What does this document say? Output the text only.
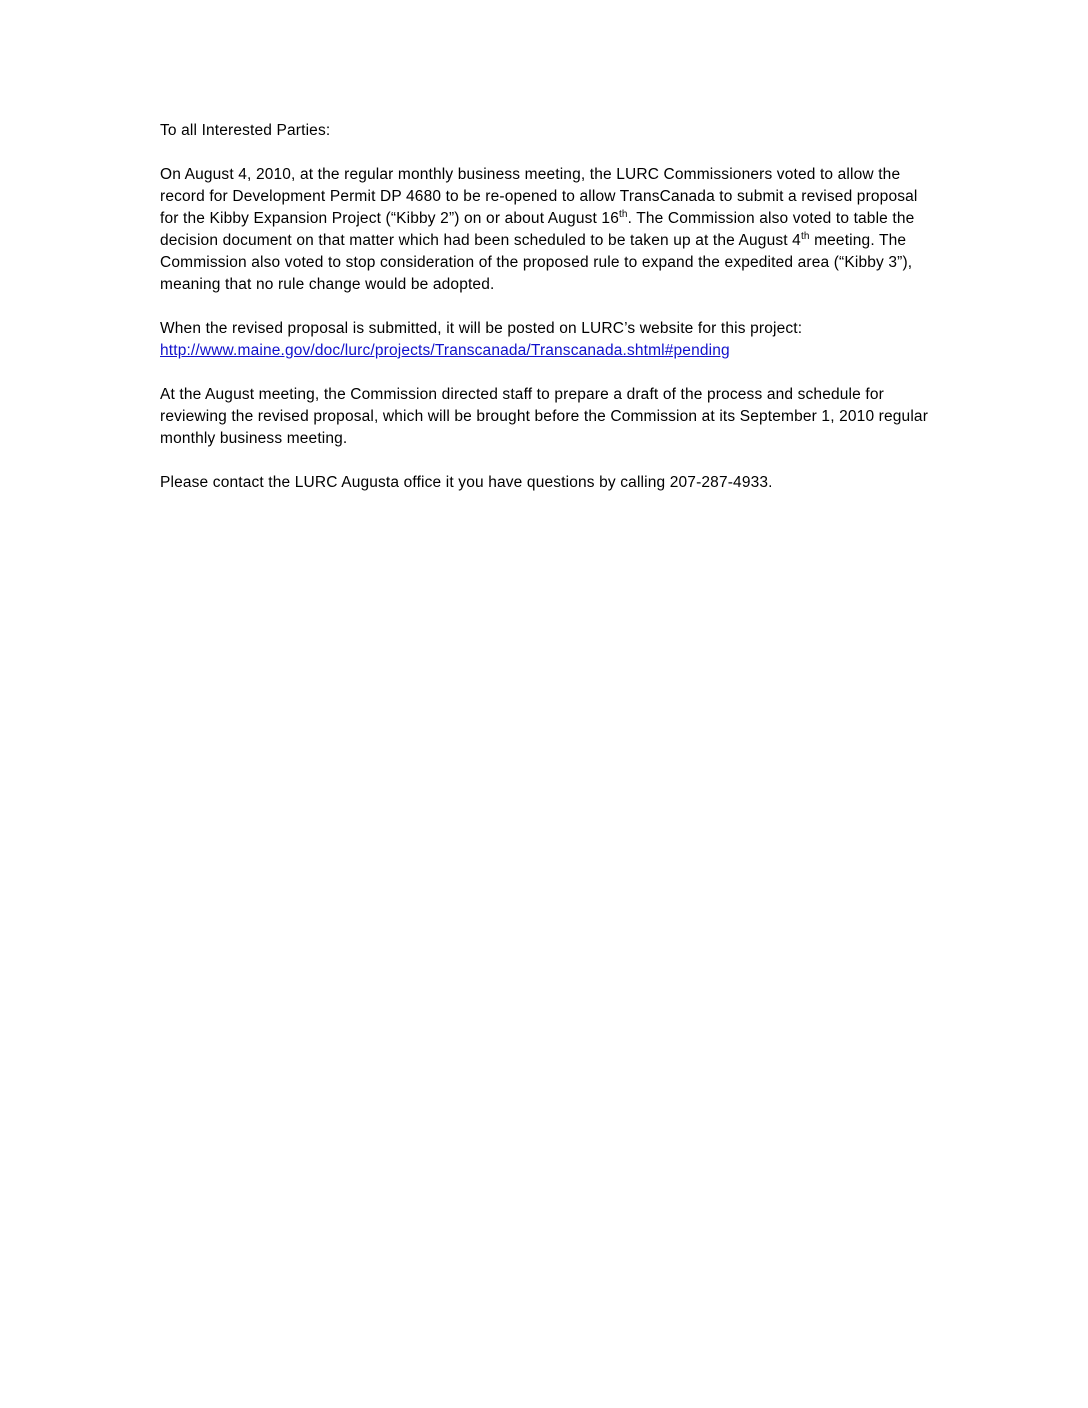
To all Interested Parties:

On August 4, 2010, at the regular monthly business meeting, the LURC Commissioners voted to allow the record for Development Permit DP 4680 to be re-opened to allow TransCanada to submit a revised proposal for the Kibby Expansion Project (“Kibby 2”) on or about August 16th. The Commission also voted to table the decision document on that matter which had been scheduled to be taken up at the August 4th meeting. The Commission also voted to stop consideration of the proposed rule to expand the expedited area (“Kibby 3”), meaning that no rule change would be adopted.

When the revised proposal is submitted, it will be posted on LURC’s website for this project:
http://www.maine.gov/doc/lurc/projects/Transcanada/Transcanada.shtml#pending

At the August meeting, the Commission directed staff to prepare a draft of the process and schedule for reviewing the revised proposal, which will be brought before the Commission at its September 1, 2010 regular monthly business meeting.

Please contact the LURC Augusta office it you have questions by calling 207-287-4933.
